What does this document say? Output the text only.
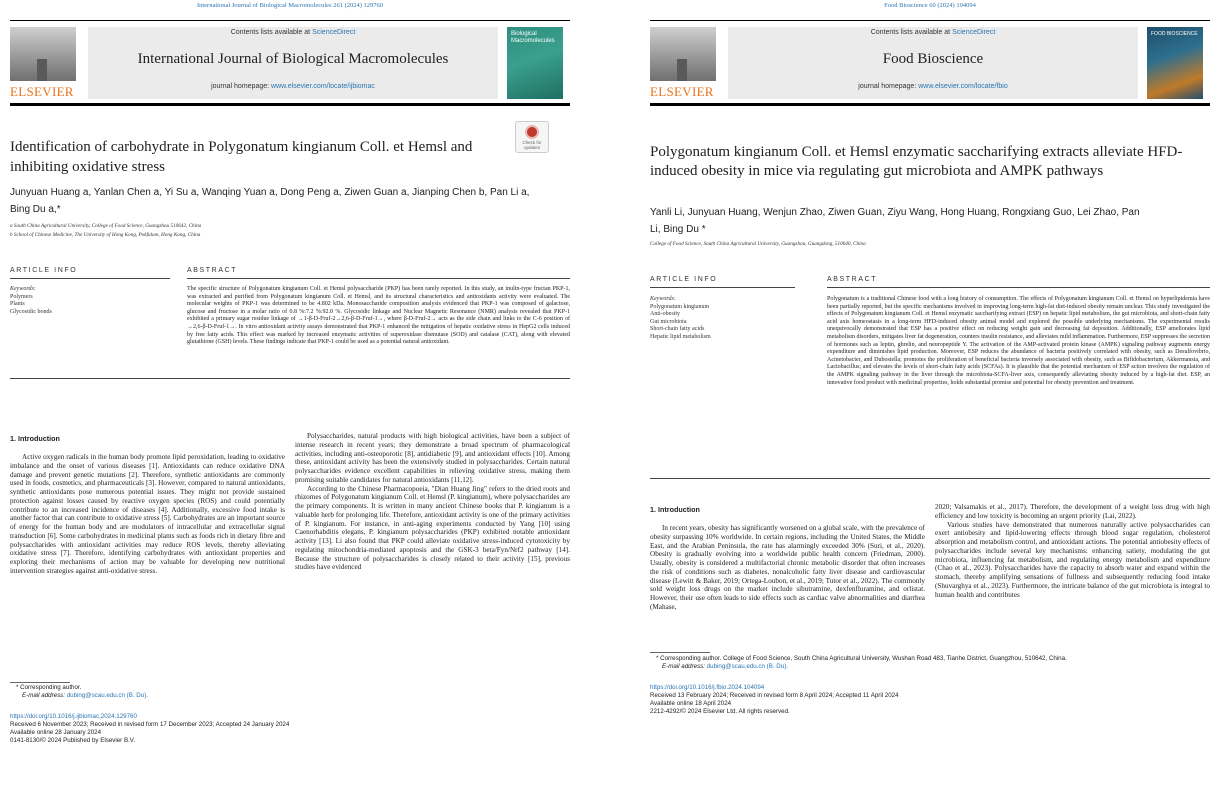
International Journal of Biological Macromolecules 261 (2024) 129760
ELSEVIER
Contents lists available at ScienceDirect
International Journal of Biological Macromolecules
journal homepage: www.elsevier.com/locate/ijbiomac
Biological Macromolecules
Check for updates
Identification of carbohydrate in Polygonatum kingianum Coll. et Hemsl and inhibiting oxidative stress
Junyuan Huang a, Yanlan Chen a, Yi Su a, Wanqing Yuan a, Dong Peng a, Ziwen Guan a, Jianping Chen b, Pan Li a, Bing Du a,*
a South China Agricultural University, College of Food Science, Guangzhou 510642, China
b School of Chinese Medicine, The University of Hong Kong, Pokfulam, Hong Kong, China
ARTICLE INFO	ABSTRACT
Keywords:
Polymers
Plants
Glycosidic bonds

The specific structure of Polygonatum kingianum Coll. et Hemsl polysaccharide (PKP) has been rarely reported. In this study, an inulin-type fructan PKP-1, was extracted and purified from Polygonatum kingianum Coll. et Hemsl, and its structural characteristics and antioxidants activity were evaluated. The molecular weights of PKP-1 was determined to be 4.802 kDa. Monosaccharide composition analysis evidenced that PKP-1 was composed of galactose, glucose and fructose in a molar ratio of 0.8 %:7.2 %:92.0 %. Glycosidic linkage and Nuclear Magnetic Resonance (NMR) analysis revealed that PKP-1 exhibited a primary sugar residue linkage of →1-β-D-Fruf-2→2,6-β-D-Fruf-1→, where β-D-Fruf-2→ acts as the side chain and links to the C-6 position of →2,6-β-D-Fruf-1→. In vitro antioxidant activity assays demonstrated that PKP-1 enhanced the mitigation of hepatic oxidative stress in HepG2 cells induced by free fatty acids. This effect was marked by increased enzymatic activities of superoxidase dismutase (SOD) and catalase (CAT), along with elevated glutathione (GSH) levels. These findings indicate that PKP-1 could be used as a potential natural antioxidant.

1. Introduction

Active oxygen radicals in the human body promote lipid peroxidation, leading to oxidative imbalance and the onset of various diseases [1]. Antioxidants can reduce oxidative DNA damage and prevent genetic mutations [2]. Therefore, synthetic antioxidants are commonly used in foods, cosmetics, and pharmaceuticals [3]. However, compared to natural antioxidants, synthetic antioxidants pose numerous potential issues. They might not provide sustained protection against losses caused by reactive oxygen species (ROS) and could potentially contribute to an increased incidence of diseases [4]. Additionally, excessive food intake is another factor that can contribute to oxidative stress [5]. Carbohydrates are an important source of energy for the human body and are modulators of intracellular and extracellular signal transduction [6]. Some carbohydrates in medicinal plants such as foods rich in dietary fibre and polysaccharides with antioxidant activities may reduce ROS levels, thereby alleviating oxidative stress [7]. Therefore, identifying carbohydrates with antioxidant properties and exploring their mechanisms of action may be valuable for developing new nutritional intervention strategies against anti-oxidative stress.

Polysaccharides, natural products with high biological activities, have been a subject of intense research in recent years; they demonstrate a broad spectrum of pharmacological activities, including anti-osteoporotic [8], antidiabetic [9], and antioxidant effects [10]. Among these, antioxidant activity has been the extensively studied in polysaccharides. Certain natural polysaccharides evidence excellent capabilities in relieving oxidative stress, making them promising suitable candidates for natural antioxidants [11,12].

According to the Chinese Pharmacopoeia, "Dian Huang Jing" refers to the dried roots and rhizomes of Polygonatum kingianum Coll. et Hemsl (P. kingianum), where polysaccharides are the primary components. It is written in many ancient Chinese books that P. kingianum is a valuable herb for prolonging life. Therefore, antioxidant activity is one of the primary activities of P. kingianum. For instance, in anti-aging experiments conducted by Yang [10] using Caenorhabditis elegans, P. kingianum polysaccharides (PKP) exhibited notable antioxidant activity [13]. Li also found that PKP could alleviate oxidative stress-induced cytotoxicity by regulating mitochondria-mediated apoptosis and the GSK-3 beta/Fyn/Nrf2 pathway [14]. Because the structure of polysaccharides is closely related to their activity [15], previous studies have evidenced

* Corresponding author.
E-mail address: dubing@scau.edu.cn (B. Du).
https://doi.org/10.1016/j.ijbiomac.2024.129760
Received 6 November 2023; Received in revised form 17 December 2023; Accepted 24 January 2024
Available online 28 January 2024
0141-8130/© 2024 Published by Elsevier B.V.
Food Bioscience 60 (2024) 104094
ELSEVIER
Contents lists available at ScienceDirect
Food Bioscience
journal homepage: www.elsevier.com/locate/fbio
FOOD BIOSCIENCE
Polygonatum kingianum Coll. et Hemsl enzymatic saccharifying extracts alleviate HFD-induced obesity in mice via regulating gut microbiota and AMPK pathways
Yanli Li, Junyuan Huang, Wenjun Zhao, Ziwen Guan, Ziyu Wang, Hong Huang, Rongxiang Guo, Lei Zhao, Pan Li, Bing Du *
College of Food Science, South China Agricultural University, Guangzhou, Guangdong, 510640, China
ARTICLE INFO	ABSTRACT
Keywords:
Polygonatum kingianum
Anti-obesity
Gut microbiota
Short-chain fatty acids
Hepatic lipid metabolism

Polygonatum is a traditional Chinese food with a long history of consumption. The effects of Polygonatum kingianum Coll. et Hemsl on hyperlipidemia have been partially reported, but the specific mechanisms involved in improving long-term high-fat diet-induced obesity remain unclear. This study investigated the effects of Polygonatum kingianum Coll. et Hemsl enzymatic saccharifying extract (ESP) on hepatic lipid metabolism, the gut microbiota, and short-chain fatty acid axis homeostasis in a long-term HFD-induced obesity animal model and explored the possible underlying mechanisms. The experimental results unequivocally demonstrated that ESP has a positive effect on reducing weight gain and decreasing fat deposition. Additionally, ESP ameliorates lipid metabolism disorders, mitigates liver fat degeneration, counters insulin resistance, and alleviates mild inflammation. Furthermore, ESP suppresses the secretion of hormones such as leptin, ghrelin, and neuropeptide Y. The activation of the AMP-activated protein kinase (AMPK) signaling pathway augments energy expenditure and diminishes lipid production. Moreover, ESP reduces the abundance of bacteria positively correlated with obesity, such as Desulfovibrio, Acinetobacter, and Dubosiella; promotes the proliferation of beneficial bacteria inversely associated with obesity, such as Bifidobacterium, Akkermansia, and Lactobacillus; and elevates the levels of short-chain fatty acids (SCFAs). It is plausible that the potential mechanism of ESP action involves the regulation of the AMPK signaling pathway in the liver through the microbiota-SCFA-liver axis, consequently alleviating obesity induced by a high-fat diet. ESP, an innovative food product with medicinal properties, holds substantial promise and potential for obesity prevention and treatment.

1. Introduction

In recent years, obesity has significantly worsened on a global scale, with the prevalence of obesity surpassing 10% worldwide. In certain regions, including the United States, the Middle East, and the Arabian Peninsula, the rate has alarmingly exceeded 30% (Suri, et al., 2020). Obesity is gradually evolving into a worldwide public health concern (Friedman, 2000). Usually, obesity is considered a multifactorial chronic metabolic disorder that often increases the risk of conditions such as diabetes, nonalcoholic fatty liver disease and cardiovascular disease (Lewitt & Baker, 2019; Ortega-Loubon, et al., 2019; Tutor et al., 2022). The commonly sold weight loss drugs on the market include sibutramine, dexfenfluramine, and orlistat. However, their use often leads to side effects such as cardiac valve abnormalities and diarrhea (Mahase,

2020; Valsamakis et al., 2017). Therefore, the development of a weight loss drug with high efficiency and low toxicity is becoming an urgent priority (Lai, 2022).

Various studies have demonstrated that numerous naturally active polysaccharides can exert antiobesity and lipid-lowering effects through blood sugar regulation, cholesterol absorption and metabolism control, and antioxidant actions. The potential antiobesity effects of polysaccharides include several key mechanisms: enhancing satiety, modulating the gut microbiota, influencing fat metabolism, and regulating energy metabolism and expenditure (Chao et al., 2023). Polysaccharides have the capacity to absorb water and expand within the stomach, thereby amplifying sensations of fullness and subsequently reducing food intake (Shuvarghya et al., 2023). Furthermore, the intricate balance of the gut microbiota is integral to human health and contributes

* Corresponding author. College of Food Science, South China Agricultural University, Wushan Road 483, Tianhe District, Guangzhou, 510642, China.
E-mail address: dubing@scau.edu.cn (B. Du).
https://doi.org/10.1016/j.fbio.2024.104094
Received 13 February 2024; Received in revised form 8 April 2024; Accepted 11 April 2024
Available online 18 April 2024
2212-4292/© 2024 Elsevier Ltd. All rights reserved.
